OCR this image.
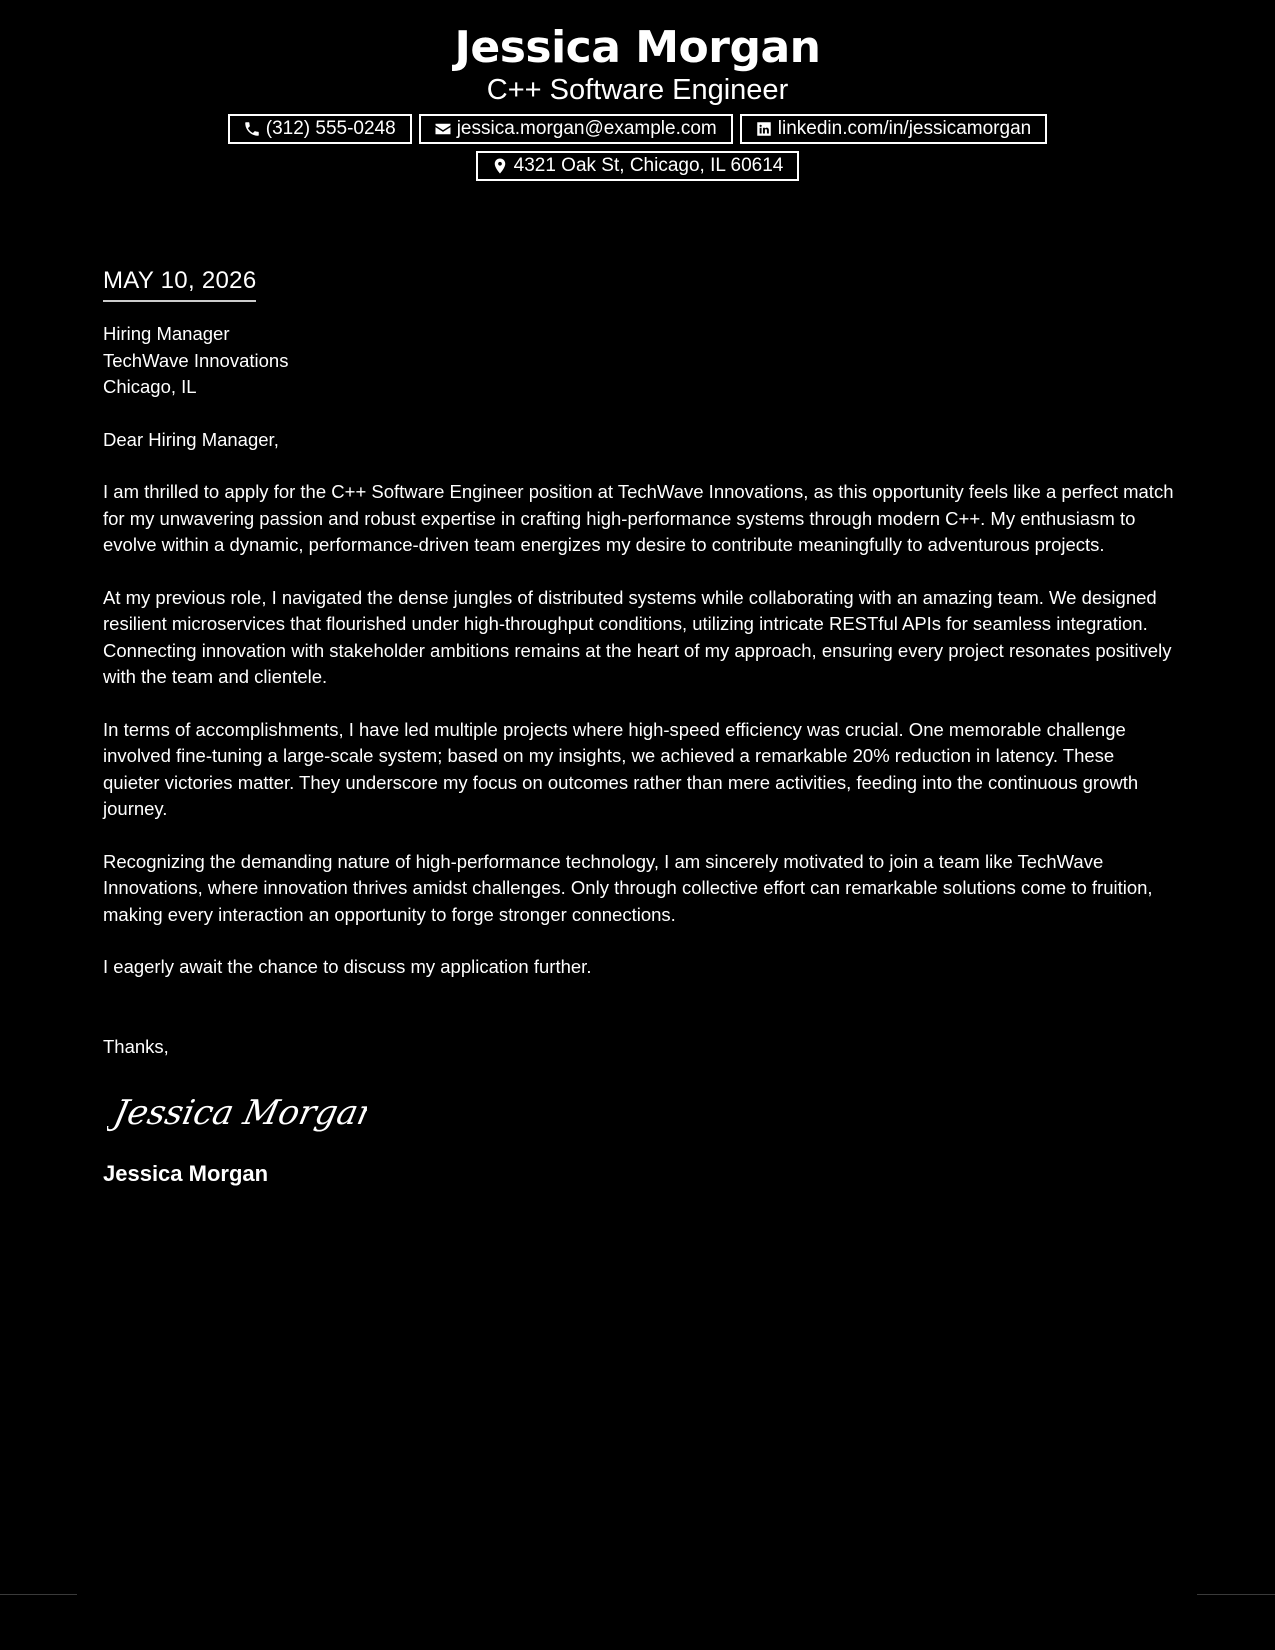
Jessica Morgan
C++ Software Engineer
(312) 555-0248	jessica.morgan@example.com	linkedin.com/in/jessicamorgan
4321 Oak St, Chicago, IL 60614
MAY 10, 2026
Hiring Manager
TechWave Innovations
Chicago, IL
Dear Hiring Manager,
I am thrilled to apply for the C++ Software Engineer position at TechWave Innovations, as this opportunity feels like a perfect match for my unwavering passion and robust expertise in crafting high-performance systems through modern C++. My enthusiasm to evolve within a dynamic, performance-driven team energizes my desire to contribute meaningfully to adventurous projects.
At my previous role, I navigated the dense jungles of distributed systems while collaborating with an amazing team. We designed resilient microservices that flourished under high-throughput conditions, utilizing intricate RESTful APIs for seamless integration. Connecting innovation with stakeholder ambitions remains at the heart of my approach, ensuring every project resonates positively with the team and clientele.
In terms of accomplishments, I have led multiple projects where high-speed efficiency was crucial. One memorable challenge involved fine-tuning a large-scale system; based on my insights, we achieved a remarkable 20% reduction in latency. These quieter victories matter. They underscore my focus on outcomes rather than mere activities, feeding into the continuous growth journey.
Recognizing the demanding nature of high-performance technology, I am sincerely motivated to join a team like TechWave Innovations, where innovation thrives amidst challenges. Only through collective effort can remarkable solutions come to fruition, making every interaction an opportunity to forge stronger connections.
I eagerly await the chance to discuss my application further.
Thanks,
Jessica Morgan
Jessica Morgan
